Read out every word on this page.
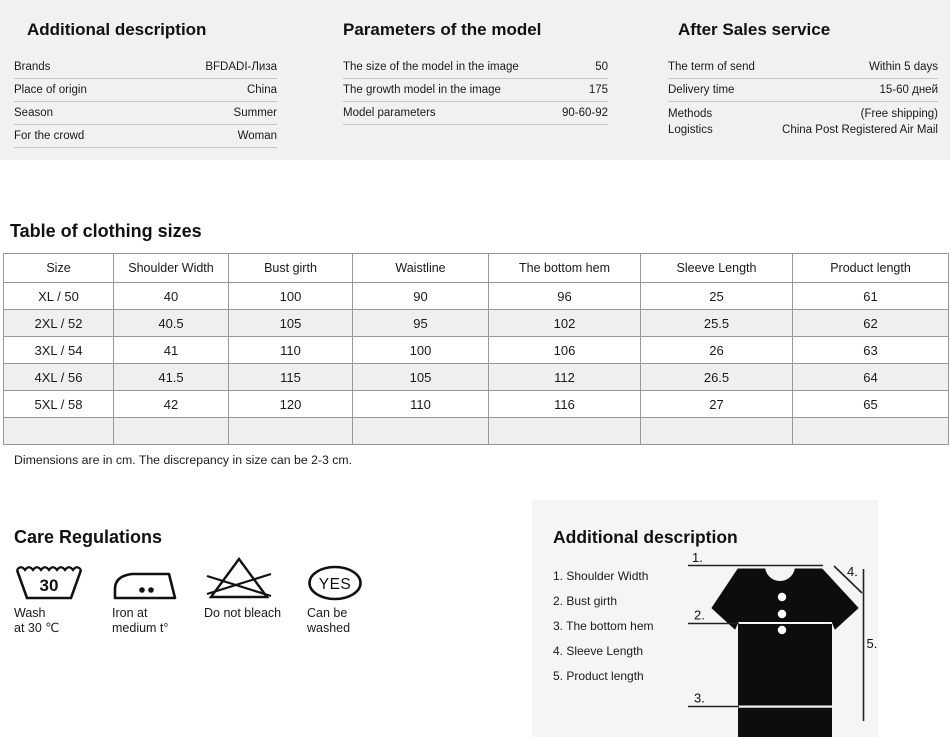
Additional description
Brands	BFDADI-Лиза
Place of origin	China
Season	Summer
For the crowd	Woman
Parameters of the model
The size of the model in the image	50
The growth model in the image	175
Model parameters	90-60-92
After Sales service
The term of send	Within 5 days
Delivery time	15-60 дней
Methods	(Free shipping)
Logistics	China Post Registered Air Mail
Table of clothing sizes
Size	Shoulder Width	Bust girth	Waistline	The bottom hem	Sleeve Length	Product length
XL / 50	40	100	90	96	25	61
2XL / 52	40.5	105	95	102	25.5	62
3XL / 54	41	110	100	106	26	63
4XL / 56	41.5	115	105	112	26.5	64
5XL / 58	42	120	110	116	27	65

Dimensions are in cm. The discrepancy in size can be 2-3 cm.
Care Regulations
30
Wash
at 30 ℃
Iron at
medium t°
Do not bleach
YES
Can be
washed
Additional description
1. Shoulder Width
2. Bust girth
3. The bottom hem
4. Sleeve Length
5. Product length
1.
2.
3.
4.
5.
